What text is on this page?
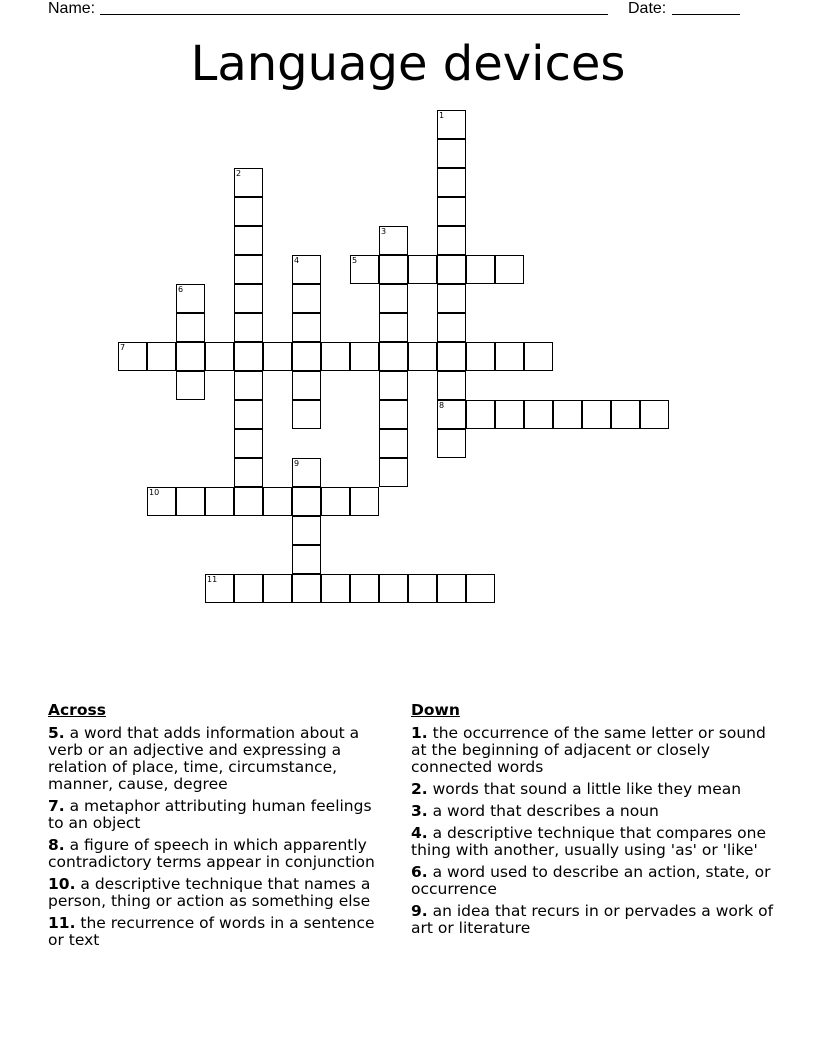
Name:	Date:
Language devices
1
8
2
3
4	5
6
7
9
10
11
Across
5. a word that adds information about a verb or an adjective and expressing a relation of place, time, circumstance, manner, cause, degree
7. a metaphor attributing human feelings to an object
8. a figure of speech in which apparently contradictory terms appear in conjunction
10. a descriptive technique that names a person, thing or action as something else
11. the recurrence of words in a sentence or text
Down
1. the occurrence of the same letter or sound at the beginning of adjacent or closely connected words
2. words that sound a little like they mean
3. a word that describes a noun
4. a descriptive technique that compares one thing with another, usually using 'as' or 'like'
6. a word used to describe an action, state, or occurrence
9. an idea that recurs in or pervades a work of art or literature
